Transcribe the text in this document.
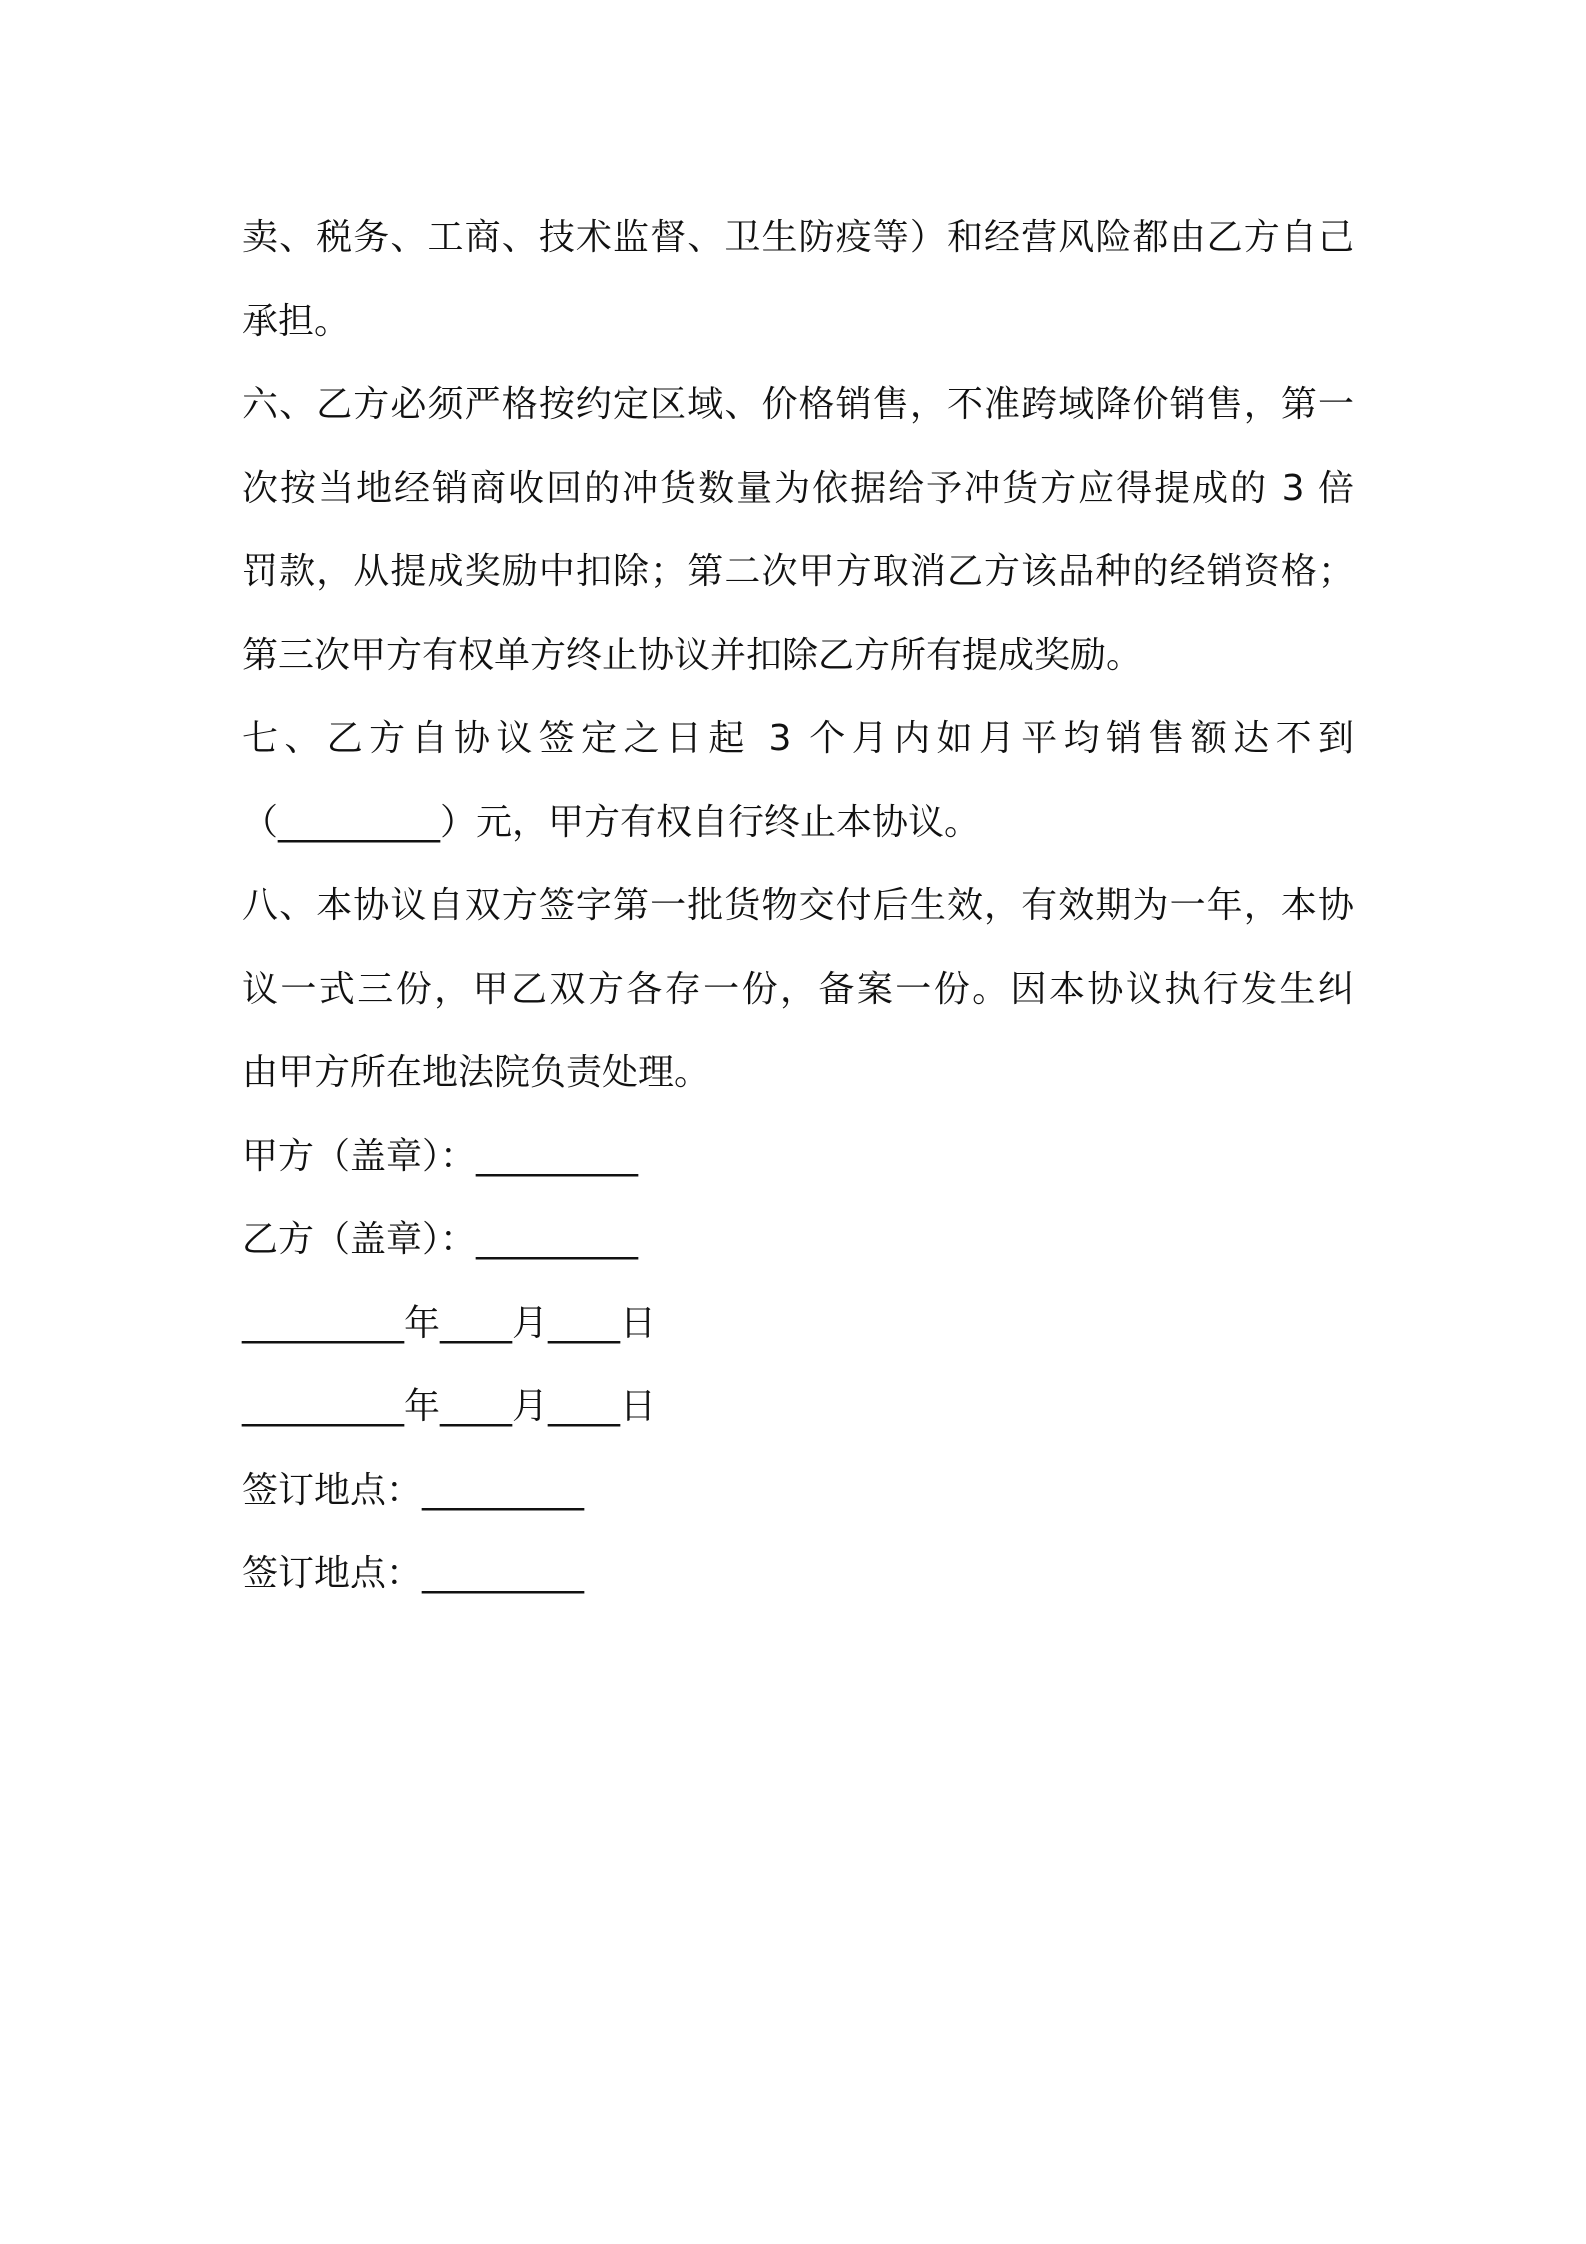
卖、税务、工商、技术监督、卫生防疫等）和经营风险都由乙方自己
承担。
六、乙方必须严格按约定区域、价格销售，不准跨域降价销售，第一
次按当地经销商收回的冲货数量为依据给予冲货方应得提成的 3 倍
罚款，从提成奖励中扣除；第二次甲方取消乙方该品种的经销资格；
第三次甲方有权单方终止协议并扣除乙方所有提成奖励。
七、乙方自协议签定之日起 3 个月内如月平均销售额达不到
（_________）元，甲方有权自行终止本协议。
八、本协议自双方签字第一批货物交付后生效，有效期为一年，本协
议一式三份，甲乙双方各存一份，备案一份。因本协议执行发生纠
由甲方所在地法院负责处理。
甲方（盖章）：_________
乙方（盖章）：_________
_________年____月____日
_________年____月____日
签订地点：_________
签订地点：_________
